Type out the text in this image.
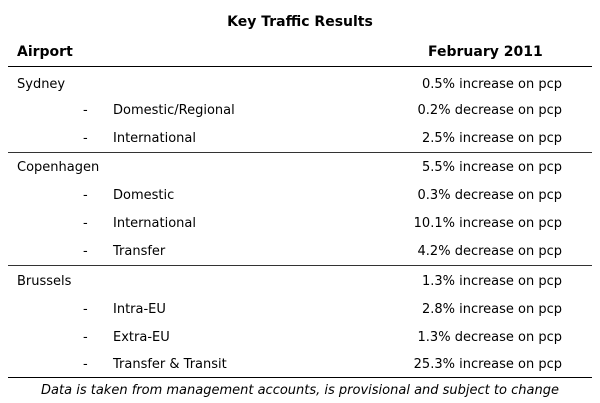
Key Traffic Results
Airport	February 2011
Sydney	0.5% increase on pcp
- Domestic/Regional	0.2% decrease on pcp
- International	2.5% increase on pcp
Copenhagen	5.5% increase on pcp
- Domestic	0.3% decrease on pcp
- International	10.1% increase on pcp
- Transfer	4.2% decrease on pcp
Brussels	1.3% increase on pcp
- Intra-EU	2.8% increase on pcp
- Extra-EU	1.3% decrease on pcp
- Transfer & Transit	25.3% increase on pcp
Data is taken from management accounts, is provisional and subject to change
